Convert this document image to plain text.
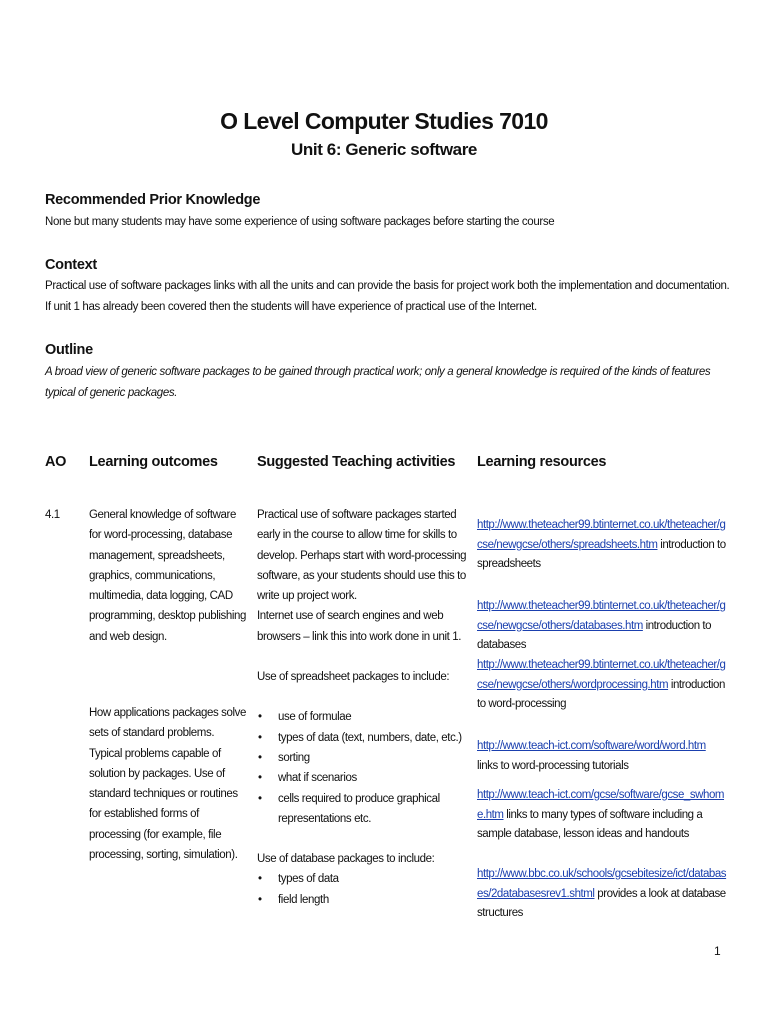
O Level Computer Studies 7010
Unit 6: Generic software
Recommended Prior Knowledge

None but many students may have some experience of using software packages before starting the course

Context

Practical use of software packages links with all the units and can provide the basis for project work both the implementation and documentation. If unit 1 has already been covered then the students will have experience of practical use of the Internet.

Outline

A broad view of generic software packages to be gained through practical work; only a general knowledge is required of the kinds of features typical of generic packages.

AO Learning outcomes	Suggested Teaching activities Learning resources
4.1	General knowledge of software for word-processing, database management, spreadsheets, graphics, communications, multimedia, data logging, CAD programming, desktop publishing and web design.
How applications packages solve sets of standard problems. Typical problems capable of solution by packages. Use of standard techniques or routines for established forms of processing (for example, file processing, sorting, simulation).

Practical use of software packages started early in the course to allow time for skills to develop. Perhaps start with word-processing software, as your students should use this to write up project work.

Internet use of search engines and web browsers – link this into work done in unit 1.

Use of spreadsheet packages to include:

• use of formulae
• types of data (text, numbers, date, etc.)
• sorting
• what if scenarios
• cells required to produce graphical representations etc.

Use of database packages to include:

• types of data
• field length
http://www.theteacher99.btinternet.co.uk/theteacher/gcse/newgcse/others/spreadsheets.htm introduction to spreadsheets
http://www.theteacher99.btinternet.co.uk/theteacher/gcse/newgcse/others/databases.htm introduction to databases
http://www.theteacher99.btinternet.co.uk/theteacher/gcse/newgcse/others/wordprocessing.htm introduction to word-processing
http://www.teach-ict.com/software/word/word.htm links to word-processing tutorials
http://www.teach-ict.com/gcse/software/gcse_swhome.htm links to many types of software including a sample database, lesson ideas and handouts
http://www.bbc.co.uk/schools/gcsebitesize/ict/databases/2databasesrev1.shtml provides a look at database structures
1
